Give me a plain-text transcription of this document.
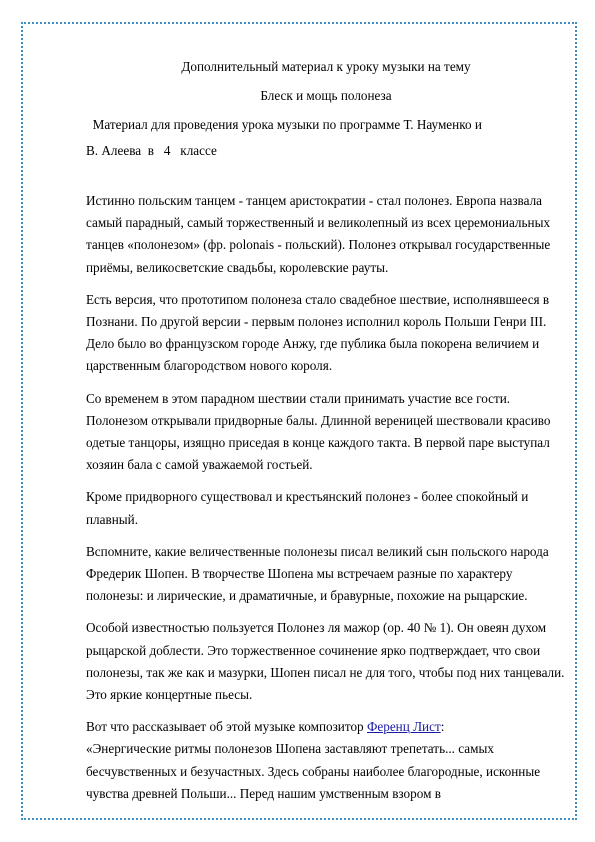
Дополнительный материал к уроку музыки на тему

Блеск и мощь полонеза

Материал для проведения урока музыки по программе Т. Науменко и

В. Алеева  в   4   классе

Истинно польским танцем - танцем аристократии - стал полонез. Европа назвала самый парадный, самый торжественный и великолепный из всех церемониальных танцев «полонезом» (фр. polonais - польский). Полонез открывал государственные приёмы, великосветские свадьбы, королевские рауты.

Есть версия, что прототипом полонеза стало свадебное шествие, исполнявшееся в Познани. По другой версии - первым полонез исполнил король Польши Генри III. Дело было во французском городе Анжу, где публика была покорена величием и царственным благородством нового короля.

Со временем в этом парадном шествии стали принимать участие все гости. Полонезом открывали придворные балы. Длинной вереницей шествовали красиво одетые танцоры, изящно приседая в конце каждого такта. В первой паре выступал хозяин бала с самой уважаемой гостьей.

Кроме придворного существовал и крестьянский полонез - более спокойный и плавный.

Вспомните, какие величественные полонезы писал великий сын польского народа Фредерик Шопен. В творчестве Шопена мы встречаем разные по характеру полонезы: и лирические, и драматичные, и бравурные, похожие на рыцарские.

Особой известностью пользуется Полонез ля мажор (ор. 40 № 1). Он овеян духом рыцарской доблести. Это торжественное сочинение ярко подтверждает, что свои полонезы, так же как и мазурки, Шопен писал не для того, чтобы под них танцевали. Это яркие концертные пьесы.

Вот что рассказывает об этой музыке композитор Ференц Лист:
«Энергические ритмы полонезов Шопена заставляют трепетать... самых бесчувственных и безучастных. Здесь собраны наиболее благородные, исконные чувства древней Польши... Перед нашим умственным взором в
